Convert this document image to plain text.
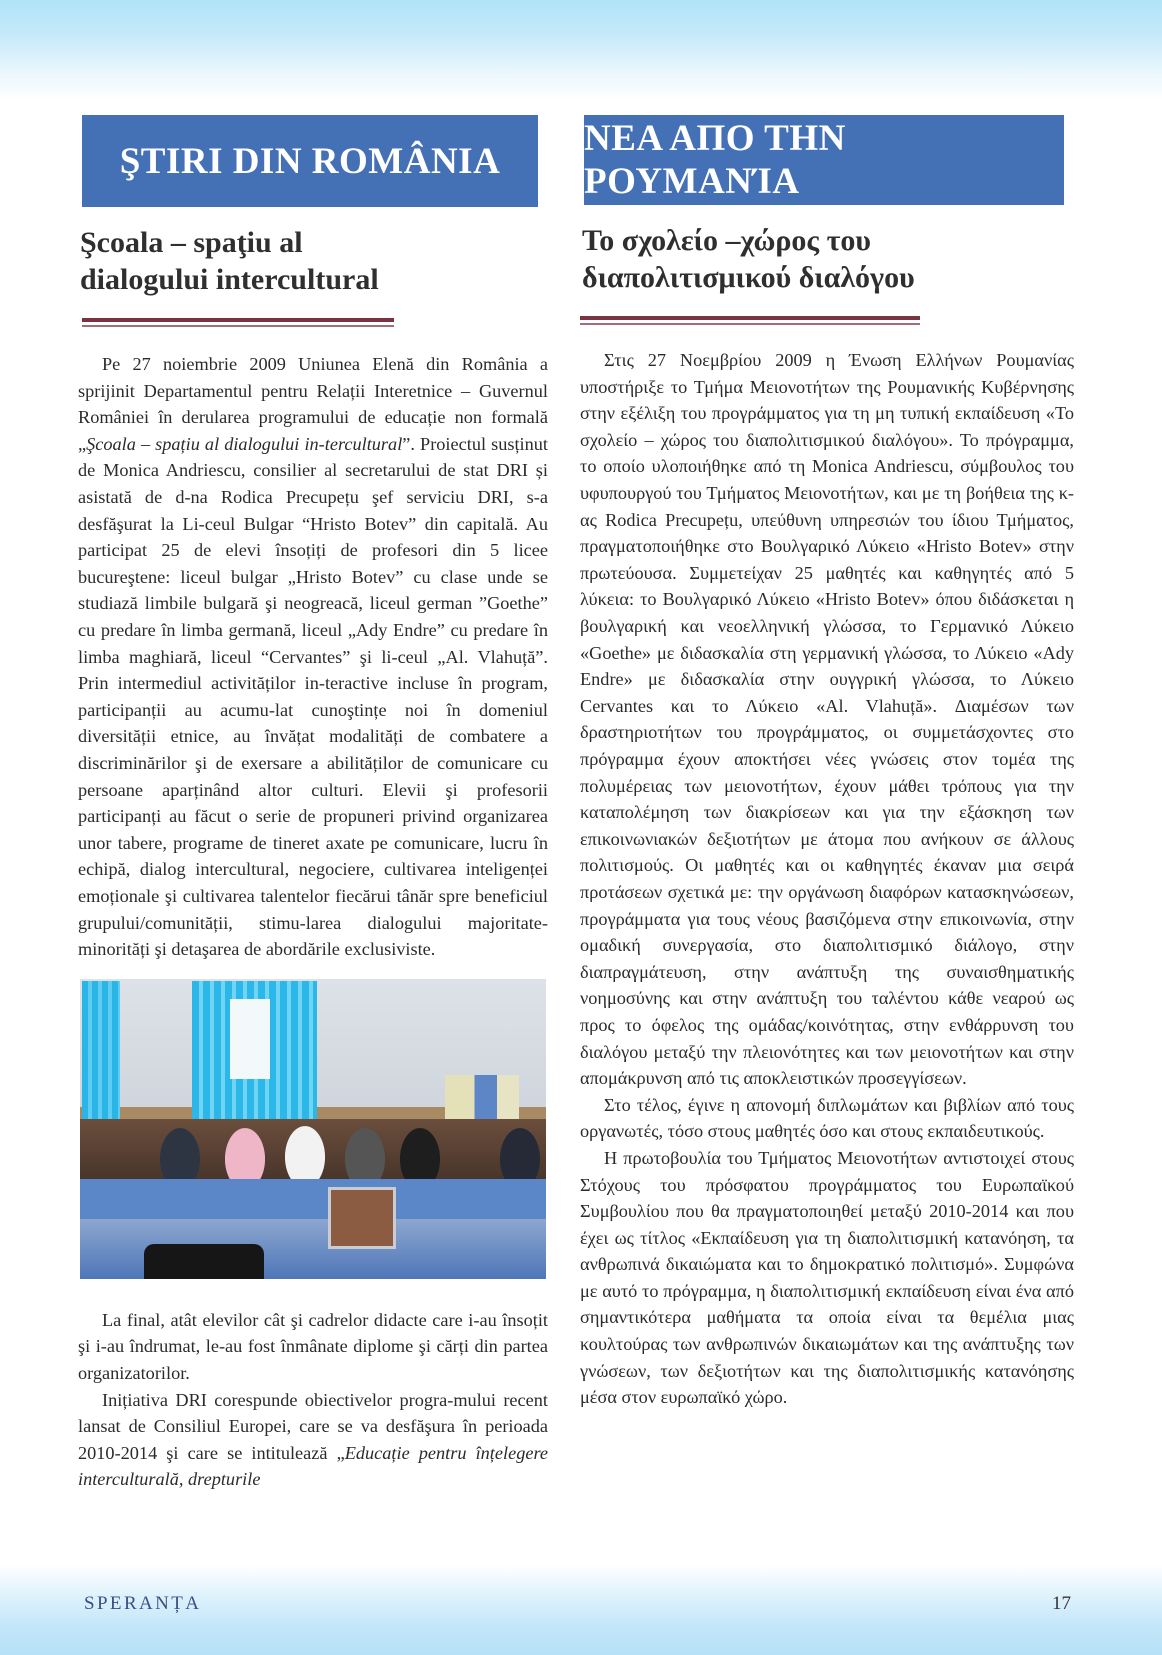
ŞTIRI DIN ROMÂNIA
Şcoala – spaţiu al
dialogului intercultural

Pe 27 noiembrie 2009 Uniunea Elenă din România a sprijinit Departamentul pentru Relații Interetnice – Guvernul României în derularea programului de educație non formală „Şcoala – spațiu al dialogului in-tercultural”. Proiectul susținut de Monica Andriescu, consilier al secretarului de stat DRI și asistată de d-na Rodica Precupețu şef serviciu DRI, s-a desfăşurat la Li-ceul Bulgar “Hristo Botev” din capitală. Au participat 25 de elevi însoțiți de profesori din 5 licee bucureştene: liceul bulgar „Hristo Botev” cu clase unde se studiază limbile bulgară şi neogreacă, liceul german ”Goethe” cu predare în limba germană, liceul „Ady Endre” cu predare în limba maghiară, liceul “Cervantes” şi li-ceul „Al. Vlahuță”. Prin intermediul activităților in-teractive incluse în program, participanții au acumu-lat cunoştințe noi în domeniul diversității etnice, au învățat modalități de combatere a discriminărilor şi de exersare a abilităților de comunicare cu persoane aparținând altor culturi. Elevii şi profesorii participanți au făcut o serie de propuneri privind organizarea unor tabere, programe de tineret axate pe comunicare, lucru în echipă, dialog intercultural, negociere, cultivarea inteligenței emoționale şi cultivarea talentelor fiecărui tânăr spre beneficiul grupului/comunității, stimu-larea dialogului majoritate-minorități şi detaşarea de abordările exclusiviste.

La final, atât elevilor cât şi cadrelor didacte care i-au însoțit şi i-au îndrumat, le-au fost înmânate diplome şi cărți din partea organizatorilor.

Inițiativa DRI corespunde obiectivelor progra-mului recent lansat de Consiliul Europei, care se va desfăşura în perioada 2010-2014 şi care se intitulează „Educație pentru înțelegere interculturală, drepturile

ΝΕΑ ΑΠΟ ΤΗΝ ΡΟΥΜΑΝΊΑ
Το σχολείο –χώρος του
διαπολιτισμικού διαλόγου

Στις 27 Νοεμβρίου 2009 η Ένωση Ελλήνων Ρουμανίας υποστήριξε το Τμήμα Μειονοτήτων της Ρουμανικής Κυβέρνησης στην εξέλιξη του προγράμματος για τη μη τυπική εκπαίδευση «Το σχολείο – χώρος του διαπολιτισμικού διαλόγου». Το πρόγραμμα, το οποίο υλοποιήθηκε από τη Monica Andriescu, σύμβουλος του υφυπουργού του Τμήματος Μειονοτήτων, και με τη βοήθεια της κ-ας Rodica Precupețu, υπεύθυνη υπηρεσιών του ίδιου Τμήματος, πραγματοποιήθηκε στο Βουλγαρικό Λύκειο «Hristo Botev» στην πρωτεύουσα. Συμμετείχαν 25 μαθητές και καθηγητές από 5 λύκεια: το Βουλγαρικό Λύκειο «Hristo Botev» όπου διδάσκεται η βουλγαρική και νεοελληνική γλώσσα, το Γερμανικό Λύκειο «Goethe» με διδασκαλία στη γερμανική γλώσσα, το Λύκειο «Ady Endre» με διδασκαλία στην ουγγρική γλώσσα, το Λύκειο Cervantes και το Λύκειο «Al. Vlahuță». Διαμέσων των δραστηριοτήτων του προγράμματος, οι συμμετάσχοντες στο πρόγραμμα έχουν αποκτήσει νέες γνώσεις στον τομέα της πολυμέρειας των μειονοτήτων, έχουν μάθει τρόπους για την καταπολέμηση των διακρίσεων και για την εξάσκηση των επικοινωνιακών δεξιοτήτων με άτομα που ανήκουν σε άλλους πολιτισμούς. Οι μαθητές και οι καθηγητές έκαναν μια σειρά προτάσεων σχετικά με: την οργάνωση διαφόρων κατασκηνώσεων, προγράμματα για τους νέους βασιζόμενα στην επικοινωνία, στην ομαδική συνεργασία, στο διαπολιτισμικό διάλογο, στην διαπραγμάτευση, στην ανάπτυξη της συναισθηματικής νοημοσύνης και στην ανάπτυξη του ταλέντου κάθε νεαρού ως προς το όφελος της ομάδας/κοινότητας, στην ενθάρρυνση του διαλόγου μεταξύ την πλειονότητες και των μειονοτήτων και στην απομάκρυνση από τις αποκλειστικών προσεγγίσεων.

Στο τέλος, έγινε η απονομή διπλωμάτων και βιβλίων από τους οργανωτές, τόσο στους μαθητές όσο και στους εκπαιδευτικούς.

Η πρωτοβουλία του Τμήματος Μειονοτήτων αντιστοιχεί στους Στόχους του πρόσφατου προγράμματος του Ευρωπαϊκού Συμβουλίου που θα πραγματοποιηθεί μεταξύ 2010-2014 και που έχει ως τίτλος «Εκπαίδευση για τη διαπολιτισμική κατανόηση, τα ανθρωπινά δικαιώματα και το δημοκρατικό πολιτισμό». Συμφώνα με αυτό το πρόγραμμα, η διαπολιτισμική εκπαίδευση είναι ένα από σημαντικότερα μαθήματα τα οποία είναι τα θεμέλια μιας κουλτούρας των ανθρωπινών δικαιωμάτων και της ανάπτυξης των γνώσεων, των δεξιοτήτων και της διαπολιτισμικής κατανόησης μέσα στον ευρωπαϊκό χώρο.

SPERANȚA	17
